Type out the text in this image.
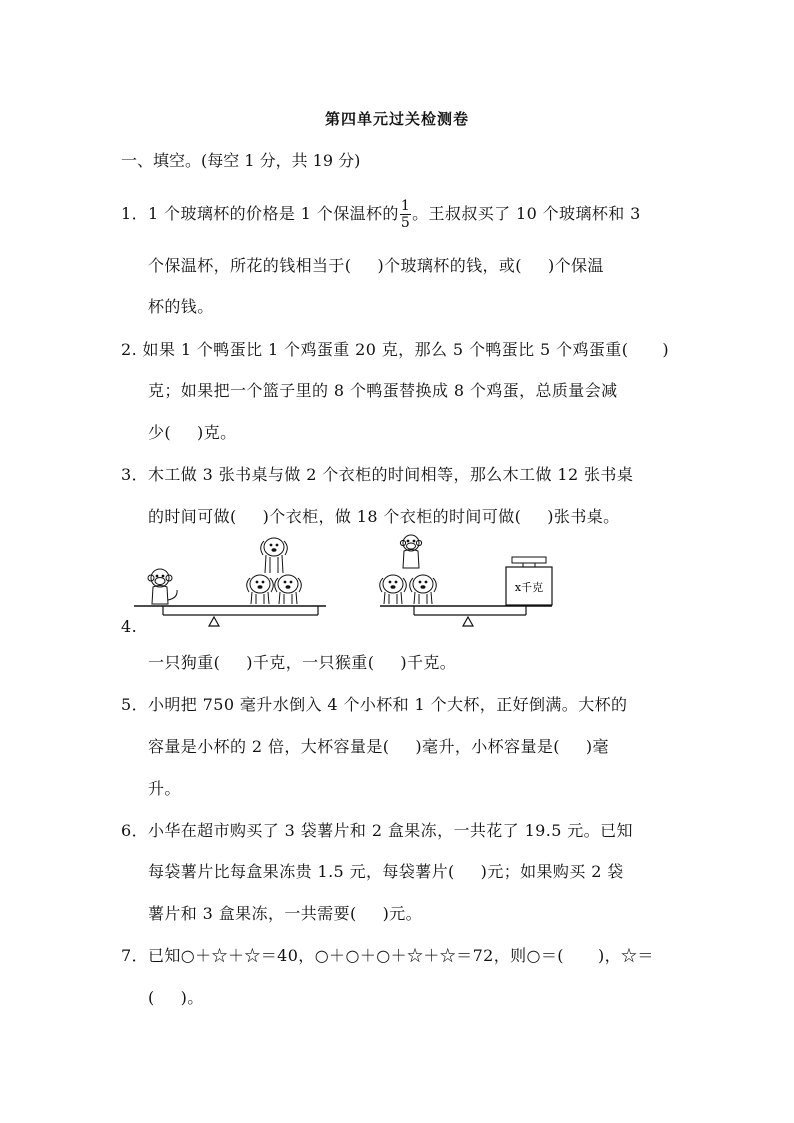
第四单元过关检测卷
一、填空。(每空 1 分，共 19 分)
1．1 个玻璃杯的价格是 1 个保温杯的 $\frac{1}{5}$ 。王叔叔买了 10 个玻璃杯和 3
个保温杯，所花的钱相当于( )个玻璃杯的钱，或( )个保温
杯的钱。
2. 如果 1 个鸭蛋比 1 个鸡蛋重 20 克，那么 5 个鸭蛋比 5 个鸡蛋重( )
克；如果把一个篮子里的 8 个鸭蛋替换成 8 个鸡蛋，总质量会减
少( )克。
3．木工做 3 张书桌与做 2 个衣柜的时间相等，那么木工做 12 张书桌
的时间可做( )个衣柜，做 18 个衣柜的时间可做( )张书桌。
4.
x千克
一只狗重( )千克，一只猴重( )千克。
5．小明把 750 毫升水倒入 4 个小杯和 1 个大杯，正好倒满。大杯的
容量是小杯的 2 倍，大杯容量是( )毫升，小杯容量是( )毫
升。
6．小华在超市购买了 3 袋薯片和 2 盒果冻，一共花了 19.5 元。已知
每袋薯片比每盒果冻贵 1.5 元，每袋薯片( )元；如果购买 2 袋
薯片和 3 盒果冻，一共需要( )元。
7．已知○＋☆＋☆＝40，○＋○＋○＋☆＋☆＝72，则○＝( )，☆＝
( )。
